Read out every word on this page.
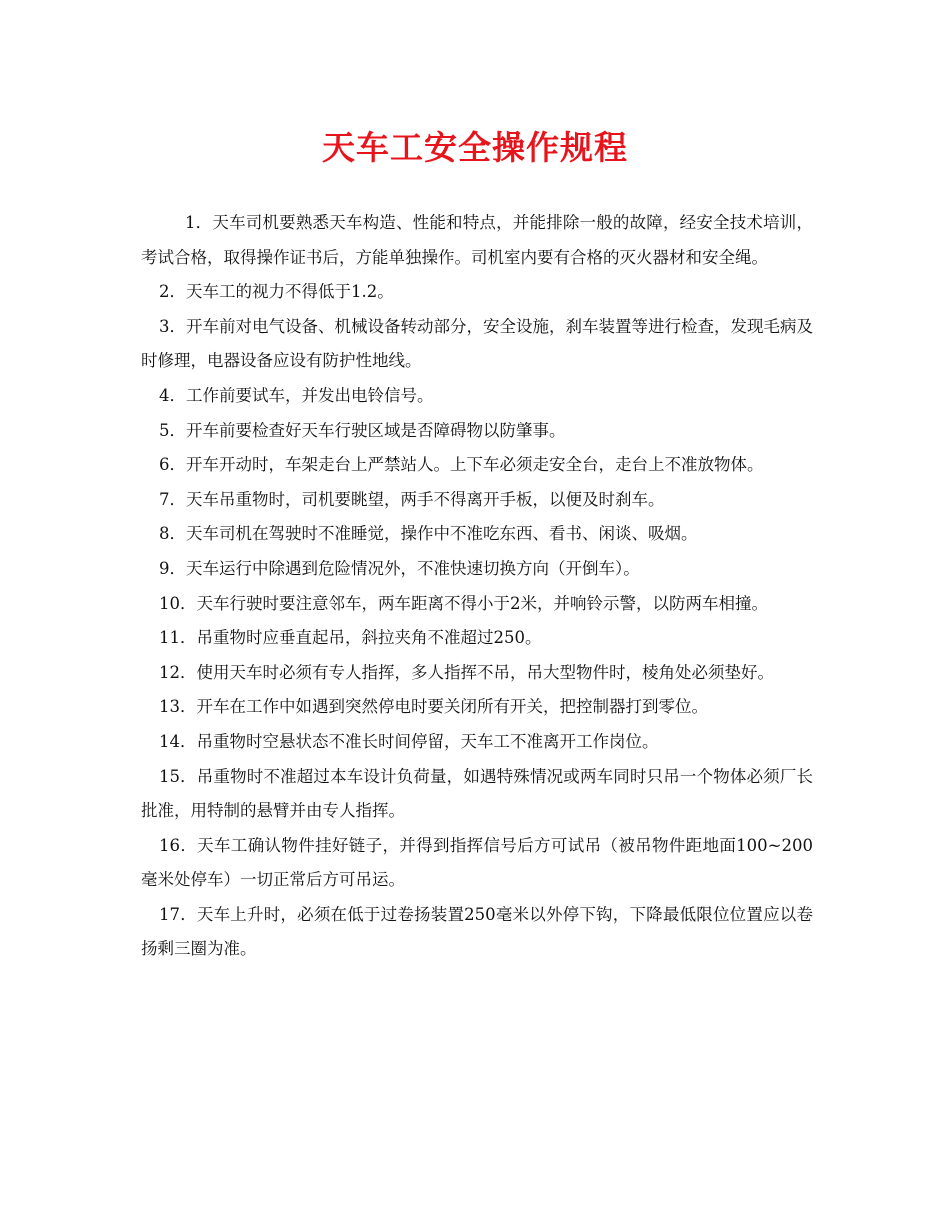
天车工安全操作规程

1．天车司机要熟悉天车构造、性能和特点，并能排除一般的故障，经安全技术培训，考试合格，取得操作证书后，方能单独操作。司机室内要有合格的灭火器材和安全绳。

2．天车工的视力不得低于1.2。

3．开车前对电气设备、机械设备转动部分，安全设施，刹车装置等进行检查，发现毛病及时修理，电器设备应设有防护性地线。

4．工作前要试车，并发出电铃信号。

5．开车前要检查好天车行驶区域是否障碍物以防肇事。

6．开车开动时，车架走台上严禁站人。上下车必须走安全台，走台上不准放物体。

7．天车吊重物时，司机要眺望，两手不得离开手板，以便及时刹车。

8．天车司机在驾驶时不准睡觉，操作中不准吃东西、看书、闲谈、吸烟。

9．天车运行中除遇到危险情况外，不准快速切换方向（开倒车）。

10．天车行驶时要注意邻车，两车距离不得小于2米，并响铃示警，以防两车相撞。

11．吊重物时应垂直起吊，斜拉夹角不准超过250。

12．使用天车时必须有专人指挥，多人指挥不吊，吊大型物件时，棱角处必须垫好。

13．开车在工作中如遇到突然停电时要关闭所有开关，把控制器打到零位。

14．吊重物时空悬状态不准长时间停留，天车工不准离开工作岗位。

15．吊重物时不准超过本车设计负荷量，如遇特殊情况或两车同时只吊一个物体必须厂长批准，用特制的悬臂并由专人指挥。

16．天车工确认物件挂好链子，并得到指挥信号后方可试吊（被吊物件距地面100~200毫米处停车）一切正常后方可吊运。

17．天车上升时，必须在低于过卷扬装置250毫米以外停下钩，下降最低限位位置应以卷扬剩三圈为准。
